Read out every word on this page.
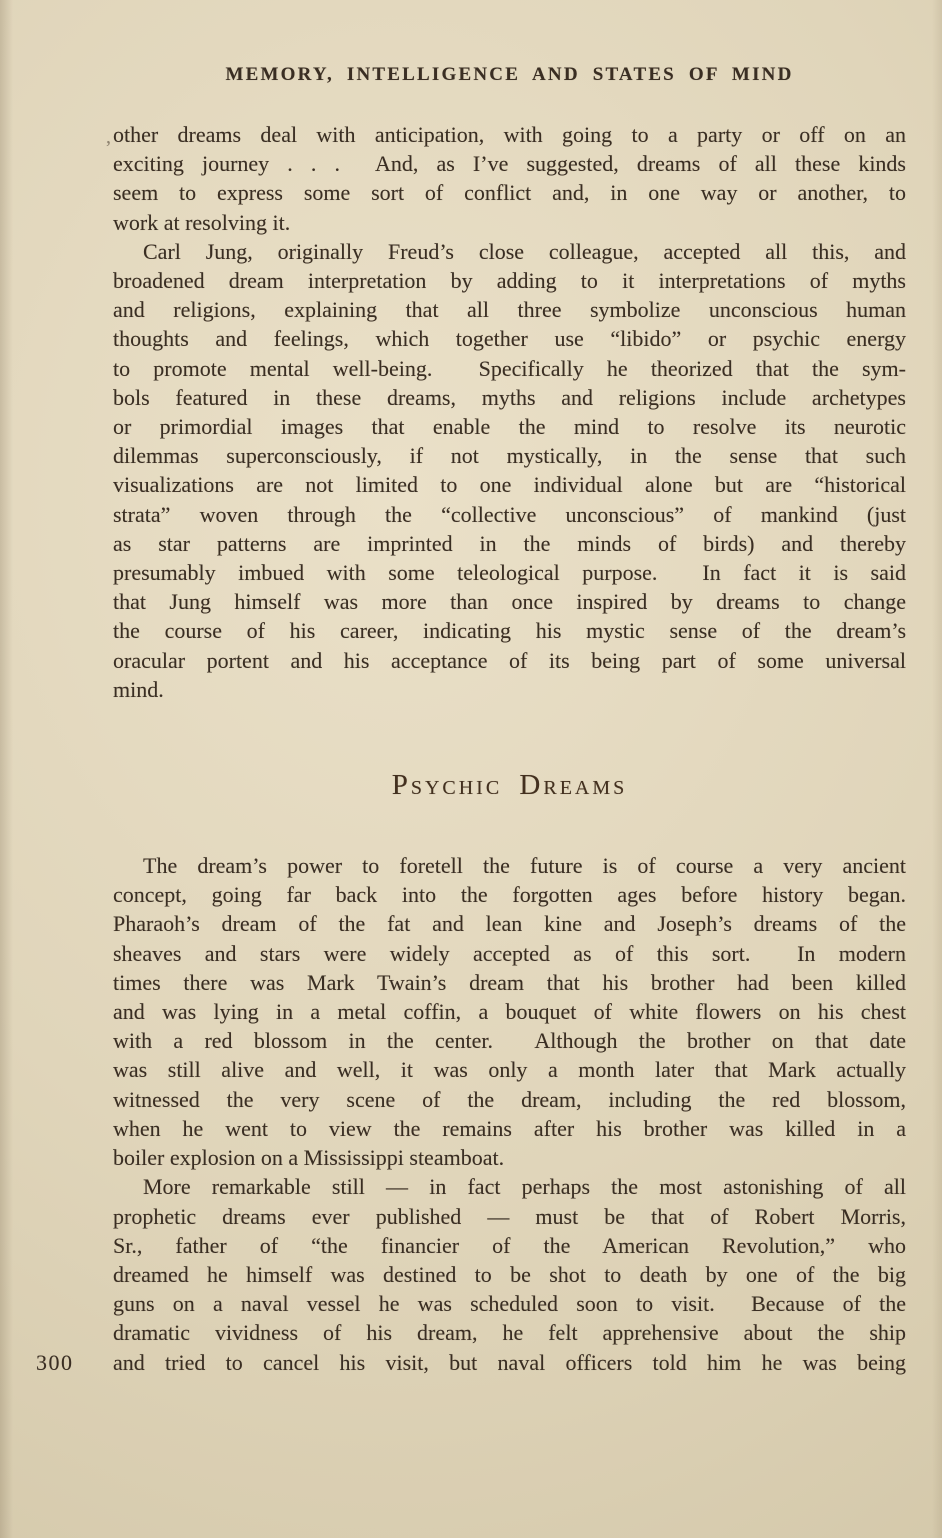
MEMORY, INTELLIGENCE AND STATES OF MIND
, other dreams deal with anticipation, with going to a party or off on an
exciting journey . . .  And, as I’ve suggested, dreams of all these kinds
seem to express some sort of conflict and, in one way or another, to
work at resolving it.
Carl Jung, originally Freud’s close colleague, accepted all this, and
broadened dream interpretation by adding to it interpretations of myths
and religions, explaining that all three symbolize unconscious human
thoughts and feelings, which together use “libido” or psychic energy
to promote mental well-being.  Specifically he theorized that the sym-
bols featured in these dreams, myths and religions include archetypes
or primordial images that enable the mind to resolve its neurotic
dilemmas superconsciously, if not mystically, in the sense that such
visualizations are not limited to one individual alone but are “historical
strata” woven through the “collective unconscious” of mankind (just
as star patterns are imprinted in the minds of birds) and thereby
presumably imbued with some teleological purpose.  In fact it is said
that Jung himself was more than once inspired by dreams to change
the course of his career, indicating his mystic sense of the dream’s
oracular portent and his acceptance of its being part of some universal
mind.
Psychic Dreams
The dream’s power to foretell the future is of course a very ancient
concept, going far back into the forgotten ages before history began.
Pharaoh’s dream of the fat and lean kine and Joseph’s dreams of the
sheaves and stars were widely accepted as of this sort.  In modern
times there was Mark Twain’s dream that his brother had been killed
and was lying in a metal coffin, a bouquet of white flowers on his chest
with a red blossom in the center.  Although the brother on that date
was still alive and well, it was only a month later that Mark actually
witnessed the very scene of the dream, including the red blossom,
when he went to view the remains after his brother was killed in a
boiler explosion on a Mississippi steamboat.
More remarkable still — in fact perhaps the most astonishing of all
prophetic dreams ever published — must be that of Robert Morris,
Sr., father of “the financier of the American Revolution,” who
dreamed he himself was destined to be shot to death by one of the big
guns on a naval vessel he was scheduled soon to visit.  Because of the
dramatic vividness of his dream, he felt apprehensive about the ship
and tried to cancel his visit, but naval officers told him he was being
300
